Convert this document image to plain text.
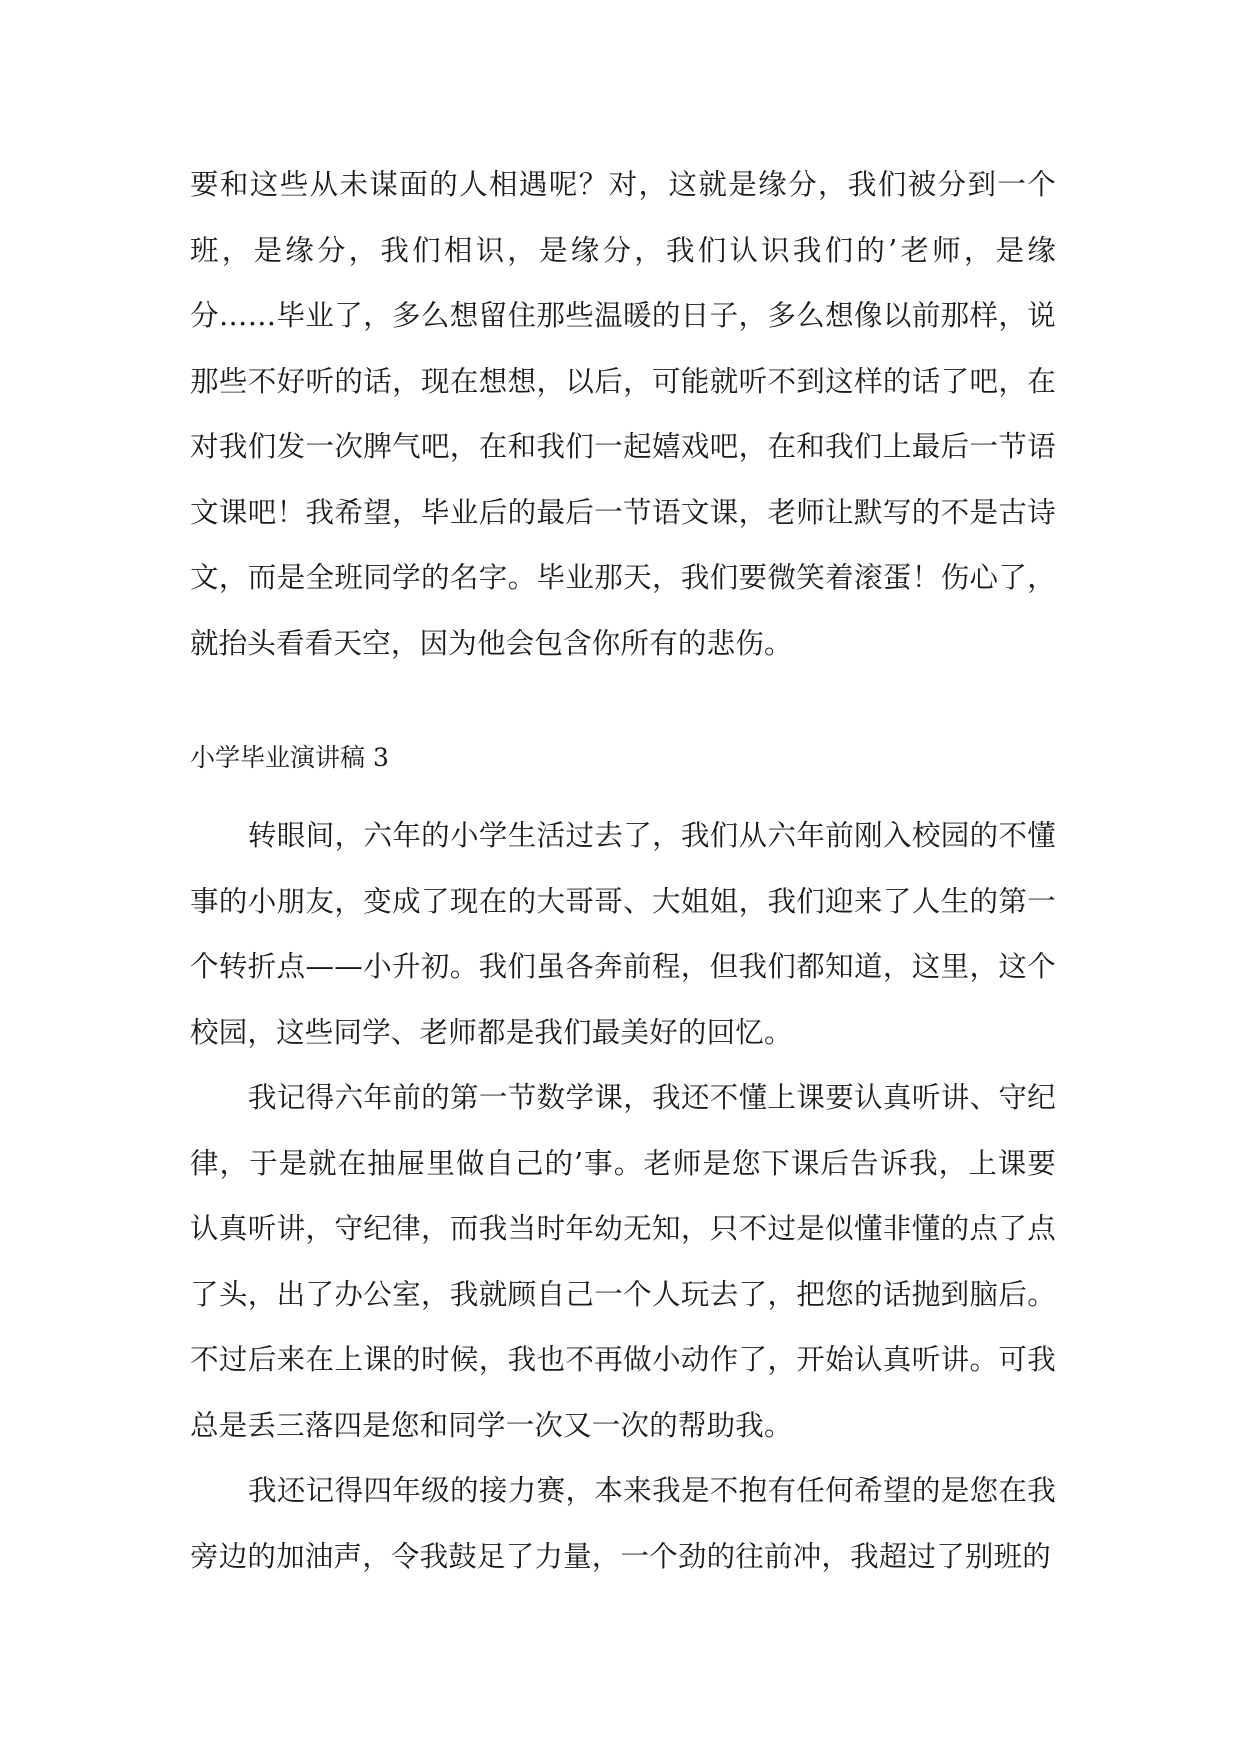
要和这些从未谋面的人相遇呢？对，这就是缘分，我们被分到一个班，是缘分，我们相识，是缘分，我们认识我们的’老师，是缘分……毕业了，多么想留住那些温暖的日子，多么想像以前那样，说那些不好听的话，现在想想，以后，可能就听不到这样的话了吧，在对我们发一次脾气吧，在和我们一起嬉戏吧，在和我们上最后一节语文课吧！我希望，毕业后的最后一节语文课，老师让默写的不是古诗文，而是全班同学的名字。毕业那天，我们要微笑着滚蛋！伤心了，就抬头看看天空，因为他会包含你所有的悲伤。

小学毕业演讲稿 3

转眼间，六年的小学生活过去了，我们从六年前刚入校园的不懂事的小朋友，变成了现在的大哥哥、大姐姐，我们迎来了人生的第一个转折点——小升初。我们虽各奔前程，但我们都知道，这里，这个校园，这些同学、老师都是我们最美好的回忆。

我记得六年前的第一节数学课，我还不懂上课要认真听讲、守纪律，于是就在抽屉里做自己的’事。老师是您下课后告诉我，上课要认真听讲，守纪律，而我当时年幼无知，只不过是似懂非懂的点了点了头，出了办公室，我就顾自己一个人玩去了，把您的话抛到脑后。不过后来在上课的时候，我也不再做小动作了，开始认真听讲。可我总是丢三落四是您和同学一次又一次的帮助我。

我还记得四年级的接力赛，本来我是不抱有任何希望的是您在我旁边的加油声，令我鼓足了力量，一个劲的往前冲，我超过了别班的
